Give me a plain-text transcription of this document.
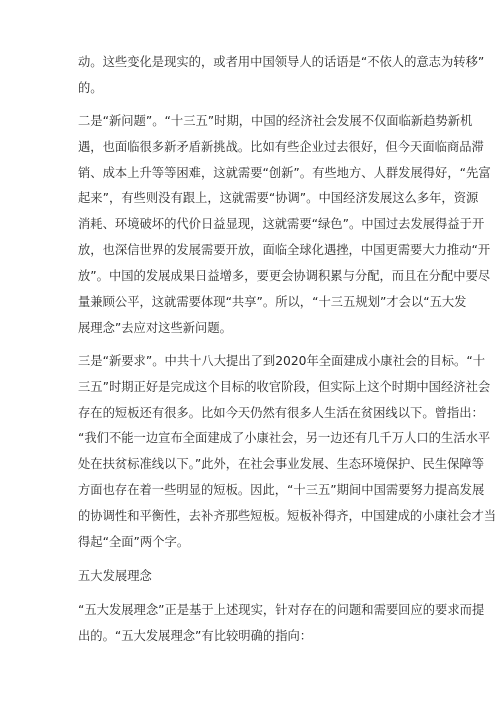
动。这些变化是现实的，或者用中国领导人的话语是“不依人的意志为转移”
的。
二是“新问题”。“十三五”时期，中国的经济社会发展不仅面临新趋势新机
遇，也面临很多新矛盾新挑战。比如有些企业过去很好，但今天面临商品滞
销、成本上升等等困难，这就需要“创新”。有些地方、人群发展得好，“先富
起来”，有些则没有跟上，这就需要“协调”。中国经济发展这么多年，资源
消耗、环境破坏的代价日益显现，这就需要“绿色”。中国过去发展得益于开
放，也深信世界的发展需要开放，面临全球化遇挫，中国更需要大力推动“开
放”。中国的发展成果日益增多，要更会协调积累与分配，而且在分配中要尽
量兼顾公平，这就需要体现“共享”。所以，“十三五规划”才会以“五大发
展理念”去应对这些新问题。
三是“新要求”。中共十八大提出了到2020年全面建成小康社会的目标。“十
三五”时期正好是完成这个目标的收官阶段，但实际上这个时期中国经济社会
存在的短板还有很多。比如今天仍然有很多人生活在贫困线以下。曾指出：
“我们不能一边宣布全面建成了小康社会，另一边还有几千万人口的生活水平
处在扶贫标准线以下。”此外，在社会事业发展、生态环境保护、民生保障等
方面也存在着一些明显的短板。因此，“十三五”期间中国需要努力提高发展
的协调性和平衡性，去补齐那些短板。短板补得齐，中国建成的小康社会才当
得起“全面”两个字。
五大发展理念
“五大发展理念”正是基于上述现实，针对存在的问题和需要回应的要求而提
出的。“五大发展理念”有比较明确的指向：
